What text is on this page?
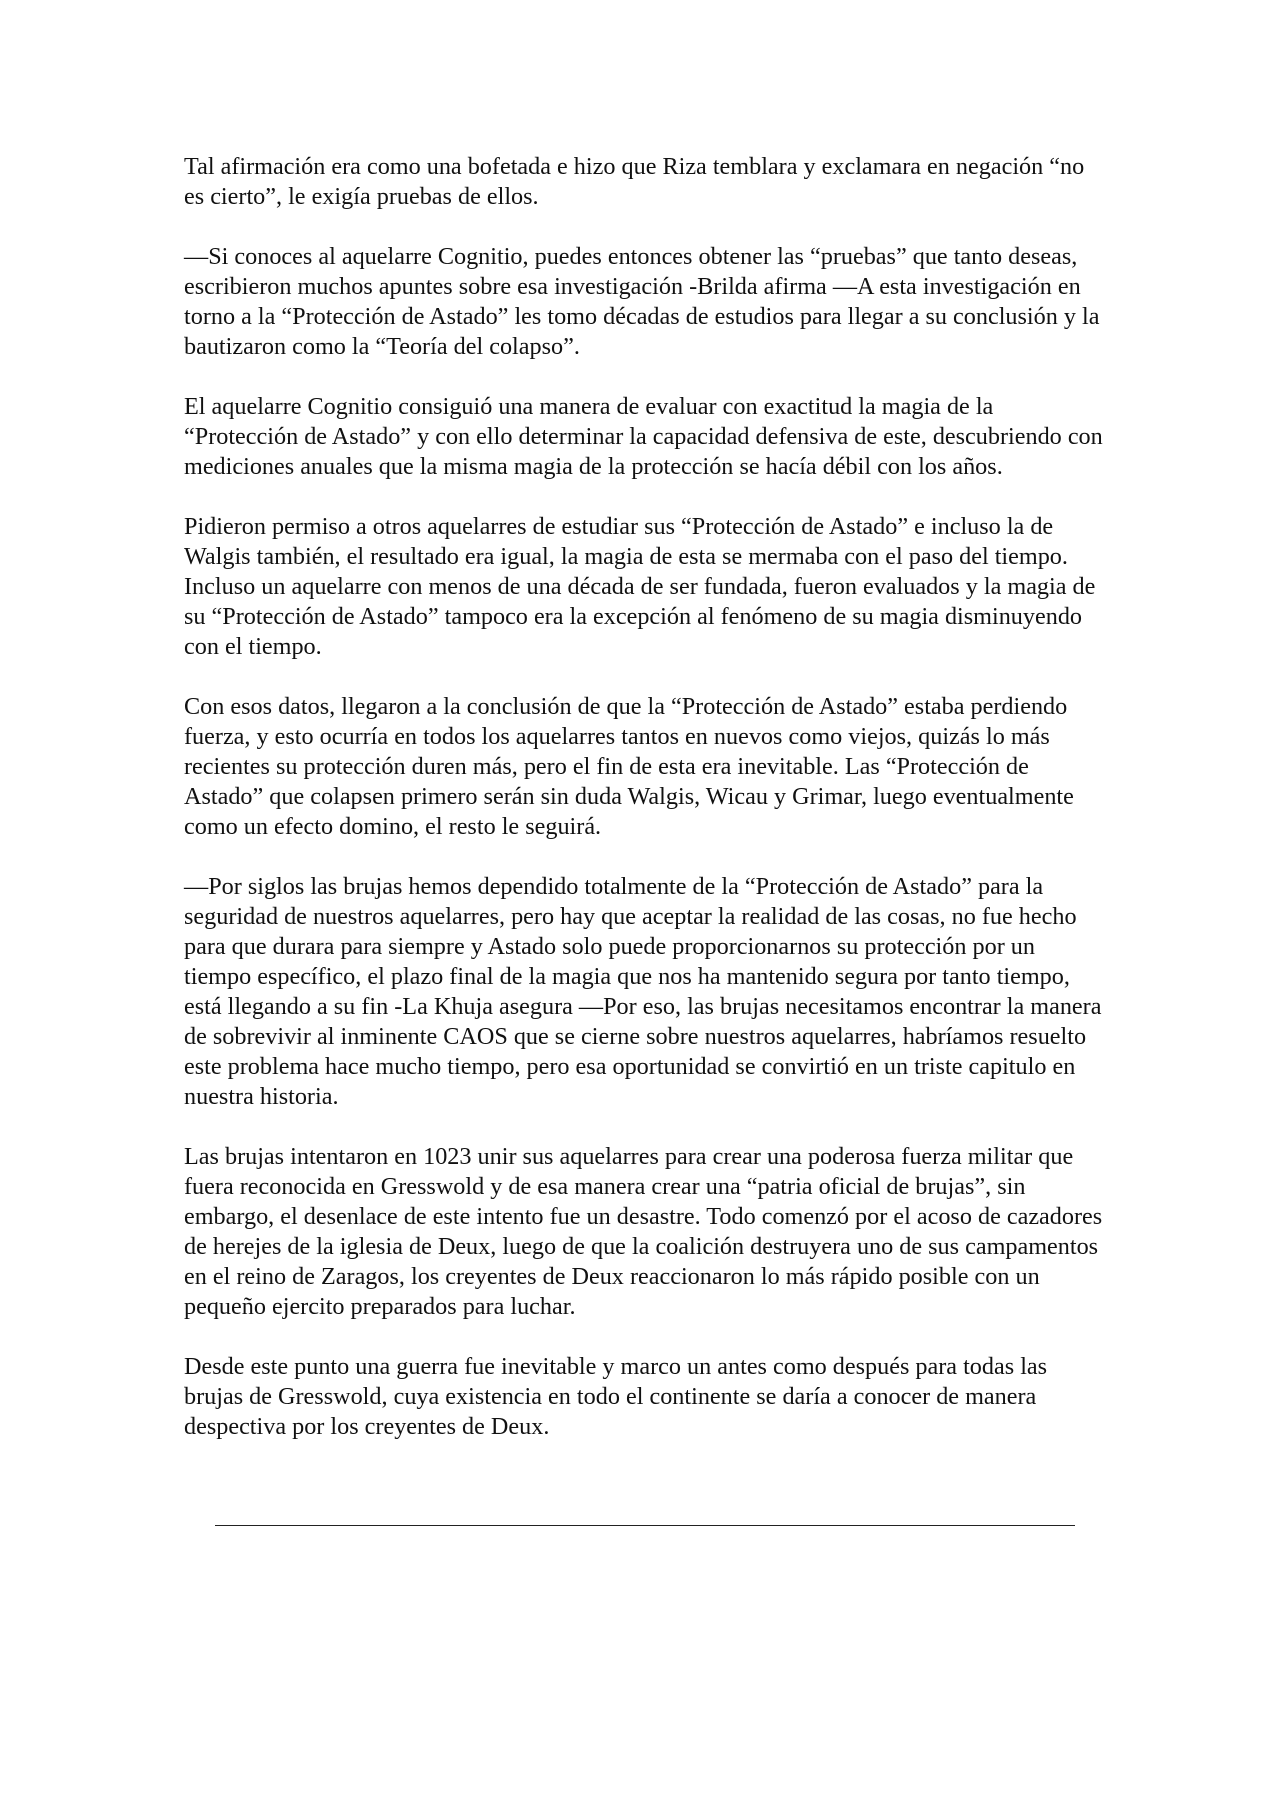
Tal afirmación era como una bofetada e hizo que Riza temblara y exclamara en negación “no es cierto”, le exigía pruebas de ellos.

—Si conoces al aquelarre Cognitio, puedes entonces obtener las “pruebas” que tanto deseas, escribieron muchos apuntes sobre esa investigación -Brilda afirma —A esta investigación en torno a la “Protección de Astado” les tomo décadas de estudios para llegar a su conclusión y la bautizaron como la “Teoría del colapso”.

El aquelarre Cognitio consiguió una manera de evaluar con exactitud la magia de la “Protección de Astado” y con ello determinar la capacidad defensiva de este, descubriendo con mediciones anuales que la misma magia de la protección se hacía débil con los años.

Pidieron permiso a otros aquelarres de estudiar sus “Protección de Astado” e incluso la de Walgis también, el resultado era igual, la magia de esta se mermaba con el paso del tiempo. Incluso un aquelarre con menos de una década de ser fundada, fueron evaluados y la magia de su “Protección de Astado” tampoco era la excepción al fenómeno de su magia disminuyendo con el tiempo.

Con esos datos, llegaron a la conclusión de que la “Protección de Astado” estaba perdiendo fuerza, y esto ocurría en todos los aquelarres tantos en nuevos como viejos, quizás lo más recientes su protección duren más, pero el fin de esta era inevitable. Las “Protección de Astado” que colapsen primero serán sin duda Walgis, Wicau y Grimar, luego eventualmente como un efecto domino, el resto le seguirá.

—Por siglos las brujas hemos dependido totalmente de la “Protección de Astado” para la seguridad de nuestros aquelarres, pero hay que aceptar la realidad de las cosas, no fue hecho para que durara para siempre y Astado solo puede proporcionarnos su protección por un tiempo específico, el plazo final de la magia que nos ha mantenido segura por tanto tiempo, está llegando a su fin -La Khuja asegura —Por eso, las brujas necesitamos encontrar la manera de sobrevivir al inminente CAOS que se cierne sobre nuestros aquelarres, habríamos resuelto este problema hace mucho tiempo, pero esa oportunidad se convirtió en un triste capitulo en nuestra historia.

Las brujas intentaron en 1023 unir sus aquelarres para crear una poderosa fuerza militar que fuera reconocida en Gresswold y de esa manera crear una “patria oficial de brujas”, sin embargo, el desenlace de este intento fue un desastre. Todo comenzó por el acoso de cazadores de herejes de la iglesia de Deux, luego de que la coalición destruyera uno de sus campamentos en el reino de Zaragos, los creyentes de Deux reaccionaron lo más rápido posible con un pequeño ejercito preparados para luchar.

Desde este punto una guerra fue inevitable y marco un antes como después para todas las brujas de Gresswold, cuya existencia en todo el continente se daría a conocer de manera despectiva por los creyentes de Deux.
